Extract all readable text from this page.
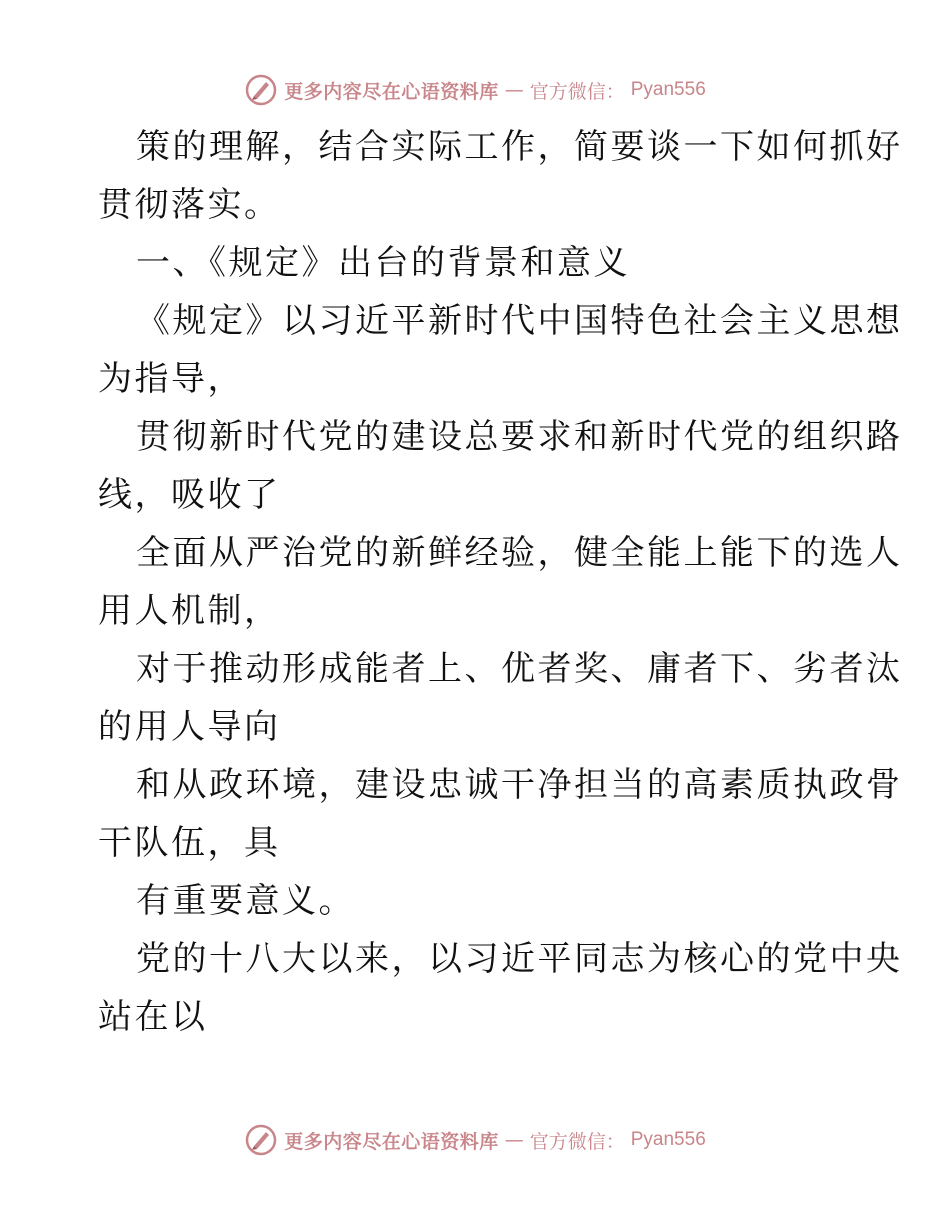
更多内容尽在心语资料库 — 官方微信： Pyan556
策的理解，结合实际工作，简要谈一下如何抓好
贯彻落实。
一、《规定》出台的背景和意义
《规定》以习近平新时代中国特色社会主义思想
为指导，
贯彻新时代党的建设总要求和新时代党的组织路
线，吸收了
全面从严治党的新鲜经验，健全能上能下的选人
用人机制，
对于推动形成能者上、优者奖、庸者下、劣者汰
的用人导向
和从政环境，建设忠诚干净担当的高素质执政骨
干队伍，具
有重要意义。
党的十八大以来，以习近平同志为核心的党中央
站在以
更多内容尽在心语资料库 — 官方微信： Pyan556
